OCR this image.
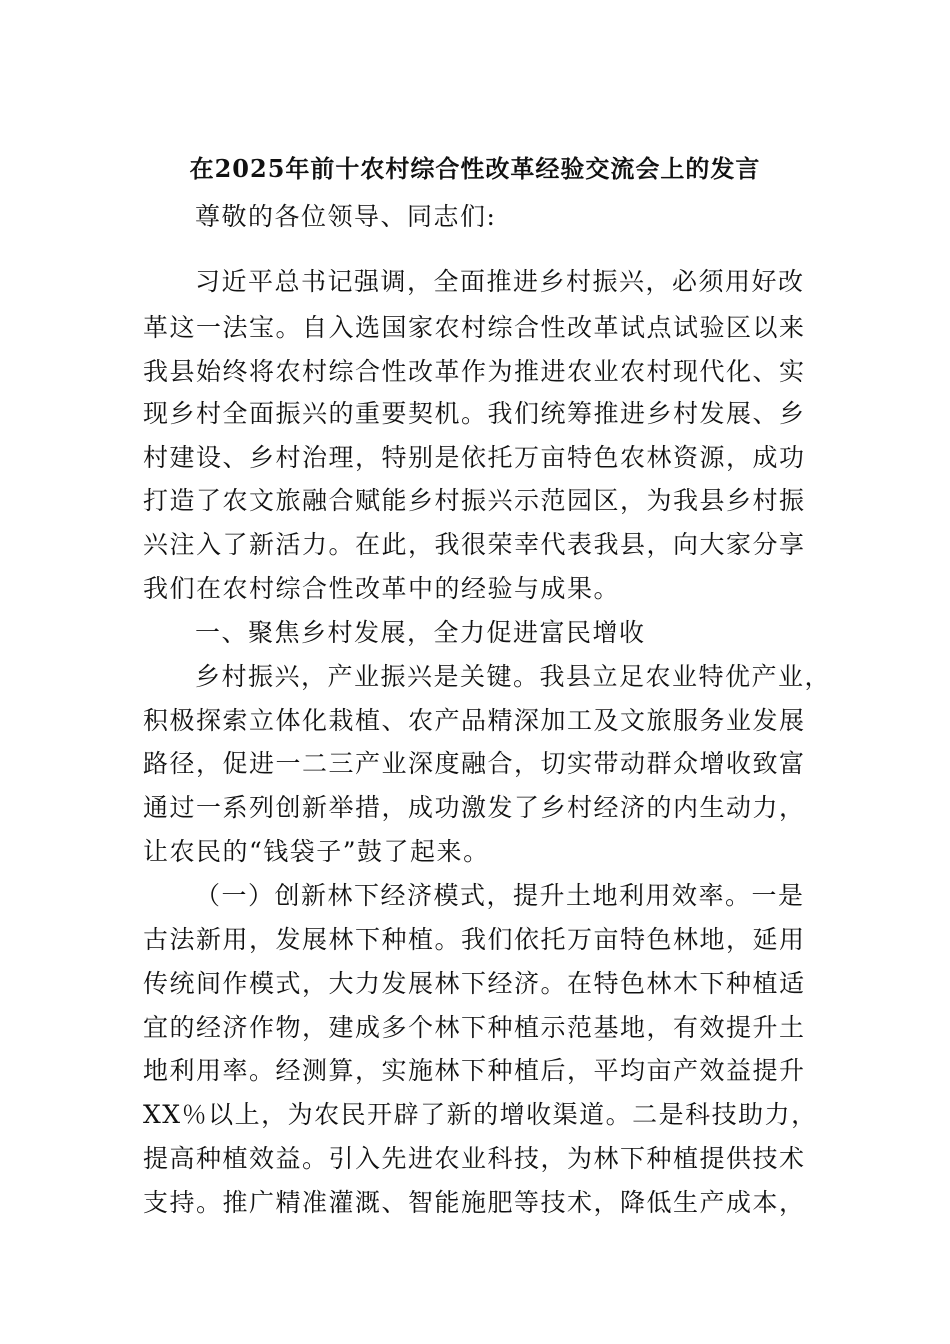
在2025年前十农村综合性改革经验交流会上的发言
尊敬的各位领导、同志们:
习近平总书记强调，全面推进乡村振兴，必须用好改
革这一法宝。自入选国家农村综合性改革试点试验区以来
我县始终将农村综合性改革作为推进农业农村现代化、实
现乡村全面振兴的重要契机。我们统筹推进乡村发展、乡
村建设、乡村治理，特别是依托万亩特色农林资源，成功
打造了农文旅融合赋能乡村振兴示范园区，为我县乡村振
兴注入了新活力。在此，我很荣幸代表我县，向大家分享
我们在农村综合性改革中的经验与成果。
一、聚焦乡村发展，全力促进富民增收
乡村振兴，产业振兴是关键。我县立足农业特优产业，
积极探索立体化栽植、农产品精深加工及文旅服务业发展
路径，促进一二三产业深度融合，切实带动群众增收致富
通过一系列创新举措，成功激发了乡村经济的内生动力，
让农民的“钱袋子”鼓了起来。
（一）创新林下经济模式，提升土地利用效率。一是
古法新用，发展林下种植。我们依托万亩特色林地，延用
传统间作模式，大力发展林下经济。在特色林木下种植适
宜的经济作物，建成多个林下种植示范基地，有效提升土
地利用率。经测算，实施林下种植后，平均亩产效益提升
XX％以上，为农民开辟了新的增收渠道。二是科技助力，
提高种植效益。引入先进农业科技，为林下种植提供技术
支持。推广精准灌溉、智能施肥等技术，降低生产成本，
